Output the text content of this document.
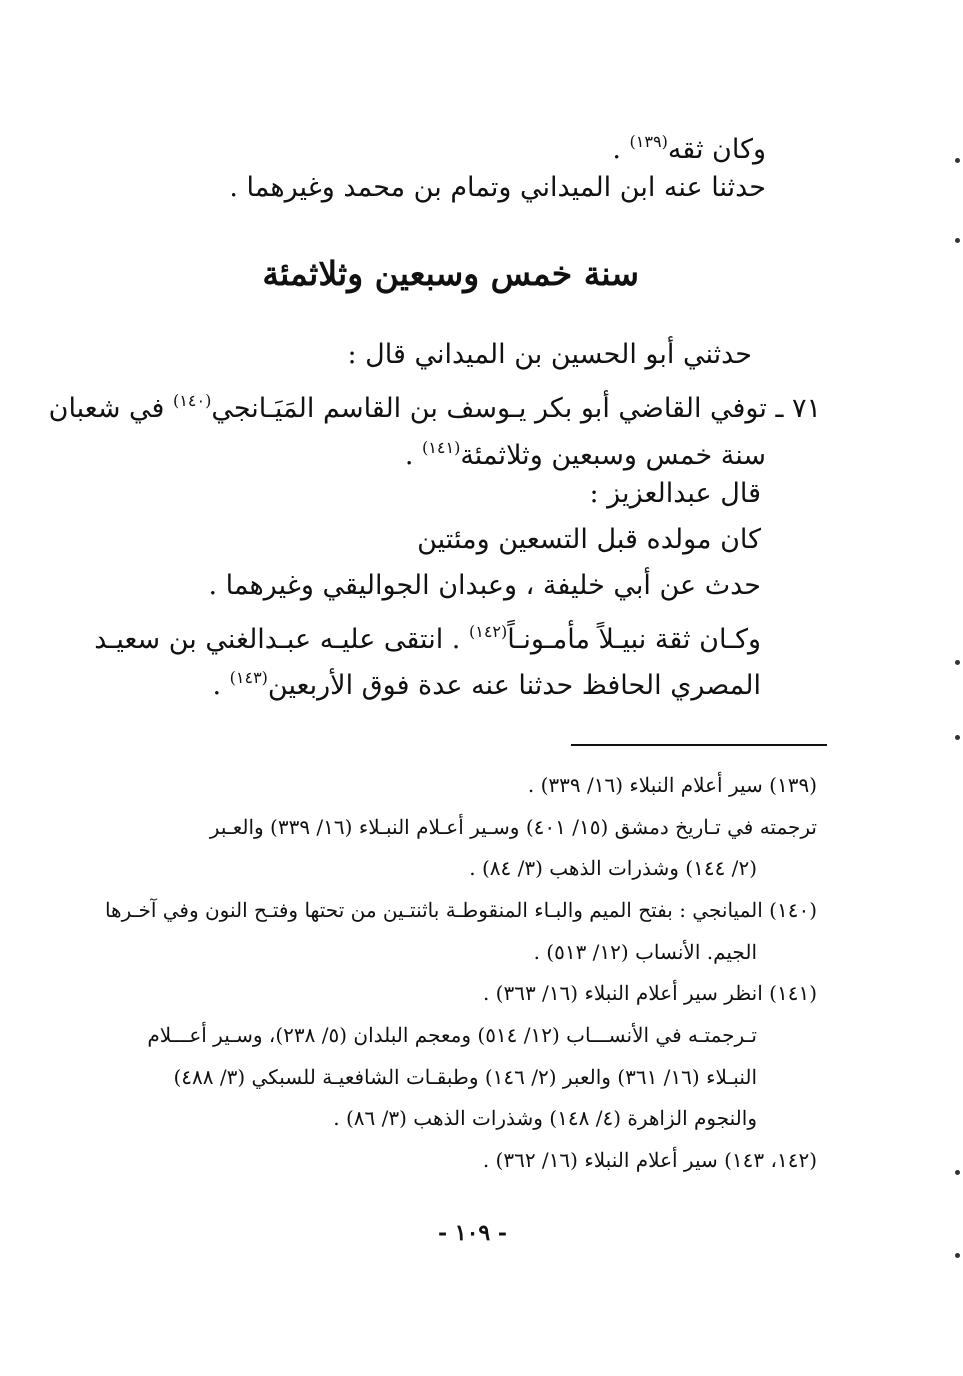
وكان ثقه$^{(١٣٩)}$ .
حدثنا عنه ابن الميداني وتمام بن محمد وغيرهما .
سنة خمس وسبعين وثلاثمئة
حدثني أبو الحسين بن الميداني قال :
٧١ ـ توفي القاضي أبو بكر يـوسف بن القاسم المَيَـانجي$^{(١٤٠)}$ في شعبان
سنة خمس وسبعين وثلاثمئة$^{(١٤١)}$ .
قال عبدالعزيز :
كان مولده قبل التسعين ومئتين
حدث عن أبي خليفة ، وعبدان الجواليقي وغيرهما .
وكـان ثقة نبيـلاً مأمـونـاً$^{(١٤٢)}$ . انتقى عليـه عبـدالغني بن سعيـد
المصري الحافظ حدثنا عنه عدة فوق الأربعين$^{(١٤٣)}$ .
(١٣٩) سير أعلام النبلاء (١٦/ ٣٣٩) .
ترجمته في تـاريخ دمشق (١٥/ ٤٠١) وسـير أعـلام النبـلاء (١٦/ ٣٣٩) والعـبر
(٢/ ١٤٤) وشذرات الذهب (٣/ ٨٤) .
(١٤٠) الميانجي : بفتح الميم والبـاء المنقوطـة باثنتـين من تحتها وفتـح النون وفي آخـرها
الجيم. الأنساب (١٢/ ٥١٣) .
(١٤١) انظر سير أعلام النبلاء (١٦/ ٣٦٣) .
تـرجمتـه في الأنســـاب (١٢/ ٥١٤) ومعجم البلدان (٥/ ٢٣٨)، وسـير أعـــلام
النبـلاء (١٦/ ٣٦١) والعبر (٢/ ١٤٦) وطبقـات الشافعيـة للسبكي (٣/ ٤٨٨)
والنجوم الزاهرة (٤/ ١٤٨) وشذرات الذهب (٣/ ٨٦) .
(١٤٢، ١٤٣) سير أعلام النبلاء (١٦/ ٣٦٢) .
- ١٠٩ -
